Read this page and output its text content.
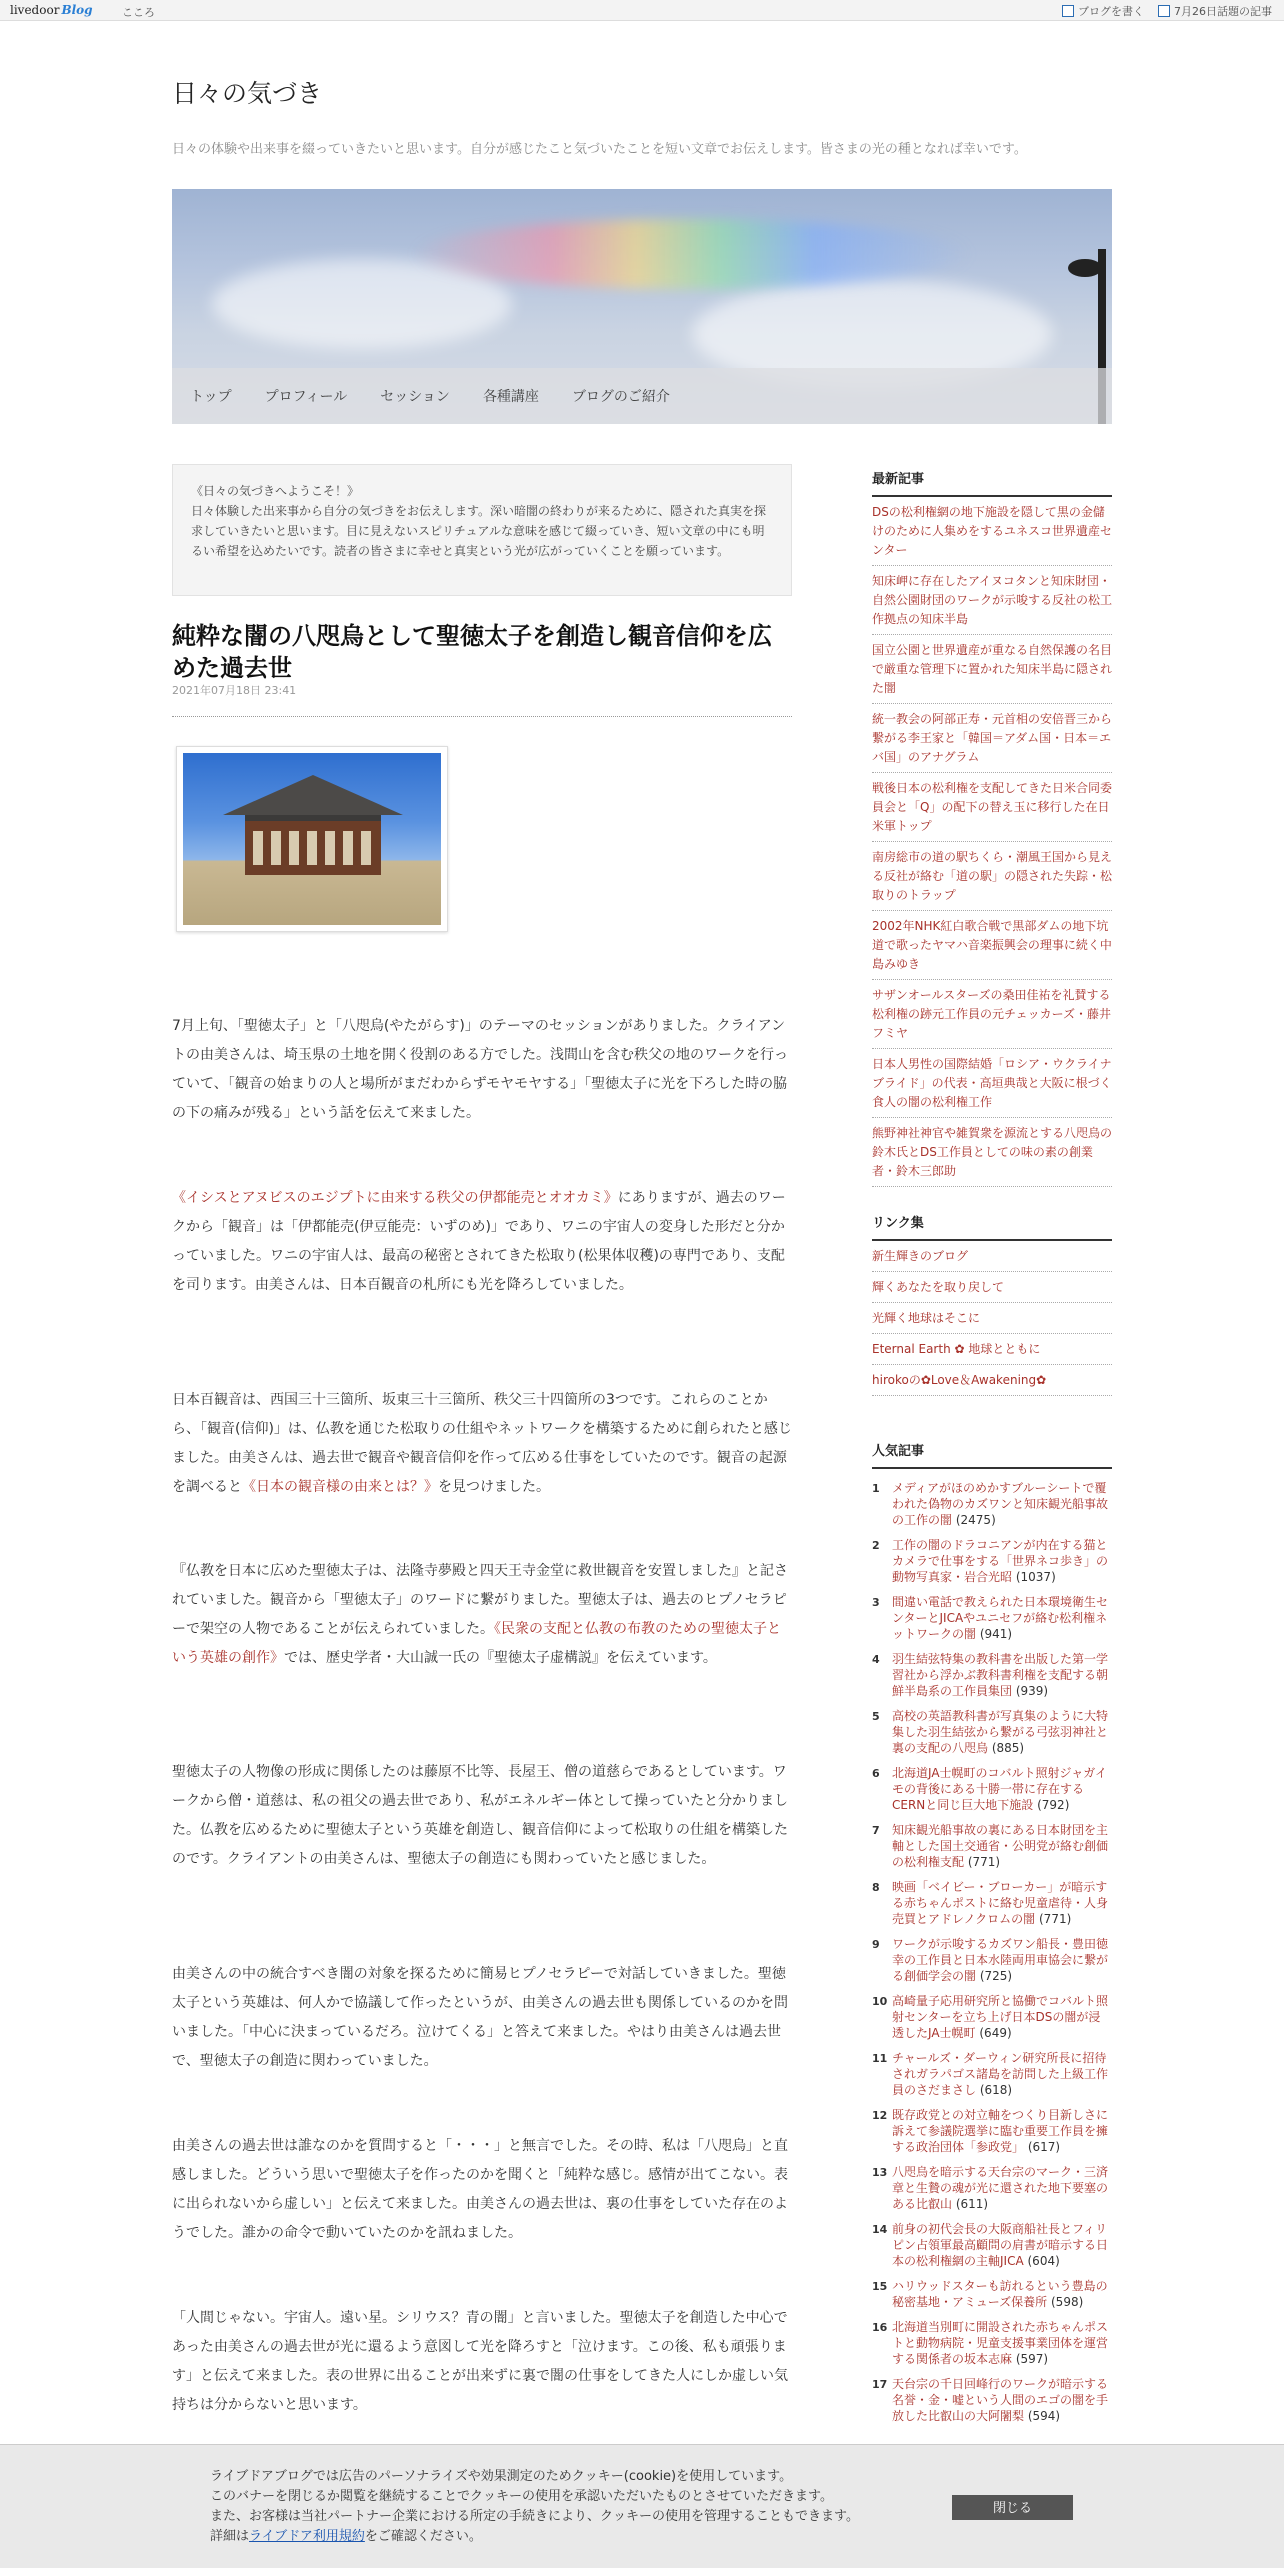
livedoor Blog	こころ	ブログを書く	7月26日話題の記事
日々の気づき
日々の体験や出来事を綴っていきたいと思います。自分が感じたこと気づいたことを短い文章でお伝えします。皆さまの光の種となれば幸いです。
トップ プロフィール セッション 各種講座 ブログのご紹介
《日々の気づきへようこそ！》
日々体験した出来事から自分の気づきをお伝えします。深い暗闇の終わりが来るために、隠された真実を探求していきたいと思います。目に見えないスピリチュアルな意味を感じて綴っていき、短い文章の中にも明るい希望を込めたいです。読者の皆さまに幸せと真実という光が広がっていくことを願っています。
純粋な闇の八咫烏として聖徳太子を創造し観音信仰を広めた過去世
2021年07月18日 23:41
7月上旬、「聖徳太子」と「八咫烏(やたがらす)」のテーマのセッションがありました。クライアントの由美さんは、埼玉県の土地を開く役割のある方でした。浅間山を含む秩父の地のワークを行っていて、「観音の始まりの人と場所がまだわからずモヤモヤする」「聖徳太子に光を下ろした時の脇の下の痛みが残る」という話を伝えて来ました。
《イシスとアヌビスのエジプトに由来する秩父の伊都能売とオオカミ》にありますが、過去のワークから「観音」は「伊都能売(伊豆能売：いずのめ)」であり、ワニの宇宙人の変身した形だと分かっていました。ワニの宇宙人は、最高の秘密とされてきた松取り(松果体収穫)の専門であり、支配を司ります。由美さんは、日本百観音の札所にも光を降ろしていました。
日本百観音は、西国三十三箇所、坂東三十三箇所、秩父三十四箇所の3つです。これらのことから、「観音(信仰)」は、仏教を通じた松取りの仕組やネットワークを構築するために創られたと感じました。由美さんは、過去世で観音や観音信仰を作って広める仕事をしていたのです。観音の起源を調べると《日本の観音様の由来とは？》を見つけました。
『仏教を日本に広めた聖徳太子は、法隆寺夢殿と四天王寺金堂に救世観音を安置しました』と記されていました。観音から「聖徳太子」のワードに繋がりました。聖徳太子は、過去のヒプノセラピーで架空の人物であることが伝えられていました。《民衆の支配と仏教の布教のための聖徳太子という英雄の創作》では、歴史学者・大山誠一氏の『聖徳太子虚構説』を伝えています。
聖徳太子の人物像の形成に関係したのは藤原不比等、長屋王、僧の道慈らであるとしています。ワークから僧・道慈は、私の祖父の過去世であり、私がエネルギー体として操っていたと分かりました。仏教を広めるために聖徳太子という英雄を創造し、観音信仰によって松取りの仕組を構築したのです。クライアントの由美さんは、聖徳太子の創造にも関わっていたと感じました。
由美さんの中の統合すべき闇の対象を探るために簡易ヒプノセラピーで対話していきました。聖徳太子という英雄は、何人かで協議して作ったというが、由美さんの過去世も関係しているのかを問いました。「中心に決まっているだろ。泣けてくる」と答えて来ました。やはり由美さんは過去世で、聖徳太子の創造に関わっていました。
由美さんの過去世は誰なのかを質問すると「・・・」と無言でした。その時、私は「八咫烏」と直感しました。どういう思いで聖徳太子を作ったのかを聞くと「純粋な感じ。感情が出てこない。表に出られないから虚しい」と伝えて来ました。由美さんの過去世は、裏の仕事をしていた存在のようでした。誰かの命令で動いていたのかを訊ねました。
「人間じゃない。宇宙人。遠い星。シリウス？青の闇」と言いました。聖徳太子を創造した中心であった由美さんの過去世が光に還るよう意図して光を降ろすと「泣けます。この後、私も頑張ります」と伝えて来ました。表の世界に出ることが出来ずに裏で闇の仕事をしてきた人にしか虚しい気持ちは分からないと思います。
最新記事
DSの松利権網の地下施設を隠して黒の金儲けのために人集めをするユネスコ世界遺産センター
知床岬に存在したアイヌコタンと知床財団・自然公園財団のワークが示唆する反社の松工作拠点の知床半島
国立公園と世界遺産が重なる自然保護の名目で厳重な管理下に置かれた知床半島に隠された闇
統一教会の阿部正寿・元首相の安倍晋三から繋がる李王家と「韓国＝アダム国・日本＝エバ国」のアナグラム
戦後日本の松利権を支配してきた日米合同委員会と「Q」の配下の替え玉に移行した在日米軍トップ
南房総市の道の駅ちくら・潮風王国から見える反社が絡む「道の駅」の隠された失踪・松取りのトラップ
2002年NHK紅白歌合戦で黒部ダムの地下坑道で歌ったヤマハ音楽振興会の理事に続く中島みゆき
サザンオールスターズの桑田佳祐を礼賛する松利権の跡元工作員の元チェッカーズ・藤井フミヤ
日本人男性の国際結婚「ロシア・ウクライナブライド」の代表・高垣典哉と大阪に根づく食人の闇の松利権工作
熊野神社神官や雑賀衆を源流とする八咫烏の鈴木氏とDS工作員としての味の素の創業者・鈴木三郎助
リンク集
新生輝きのブログ
輝くあなたを取り戻して
光輝く地球はそこに
Eternal Earth ✿ 地球とともに
hirokoの✿Love＆Awakening✿
人気記事
1	メディアがほのめかすブルーシートで覆われた偽物のカズワンと知床観光船事故の工作の闇 (2475)
2	工作の闇のドラコニアンが内在する猫とカメラで仕事をする「世界ネコ歩き」の動物写真家・岩合光昭 (1037)
3	間違い電話で教えられた日本環境衛生センターとJICAやユニセフが絡む松利権ネットワークの闇 (941)
4	羽生結弦特集の教科書を出版した第一学習社から浮かぶ教科書利権を支配する朝鮮半島系の工作員集団 (939)
5	高校の英語教科書が写真集のように大特集した羽生結弦から繋がる弓弦羽神社と裏の支配の八咫烏 (885)
6	北海道JA士幌町のコバルト照射ジャガイモの背後にある十勝一帯に存在するCERNと同じ巨大地下施設 (792)
7	知床観光船事故の裏にある日本財団を主軸とした国土交通省・公明党が絡む創価の松利権支配 (771)
8	映画「ベイビー・ブローカー」が暗示する赤ちゃんポストに絡む児童虐待・人身売買とアドレノクロムの闇 (771)
9	ワークが示唆するカズワン船長・豊田徳幸の工作員と日本水陸両用車協会に繋がる創価学会の闇 (725)
10 高崎量子応用研究所と協働でコバルト照射センターを立ち上げ日本DSの闇が浸透したJA士幌町 (649)
11 チャールズ・ダーウィン研究所長に招待されガラパゴス諸島を訪問した上級工作員のさだまさし (618)
12 既存政党との対立軸をつくり目新しさに訴えて参議院選挙に臨む重要工作員を擁する政治団体「参政党」 (617)
13 八咫烏を暗示する天台宗のマーク・三済章と生贄の魂が光に還された地下要塞のある比叡山 (611)
14 前身の初代会長の大阪商船社長とフィリピン占領軍最高顧問の肩書が暗示する日本の松利権網の主軸JICA (604)
15 ハリウッドスターも訪れるという豊島の秘密基地・アミューズ保養所 (598)
16 北海道当別町に開設された赤ちゃんポストと動物病院・児童支援事業団体を運営する関係者の坂本志麻 (597)
17 天台宗の千日回峰行のワークが暗示する名誉・金・嘘という人間のエゴの闇を手放した比叡山の大阿闍梨 (594)
ライブドアブログでは広告のパーソナライズや効果測定のためクッキー(cookie)を使用しています。
このバナーを閉じるか閲覧を継続することでクッキーの使用を承認いただいたものとさせていただきます。
また、お客様は当社パートナー企業における所定の手続きにより、クッキーの使用を管理することもできます。
詳細はライブドア利用規約をご確認ください。
閉じる
